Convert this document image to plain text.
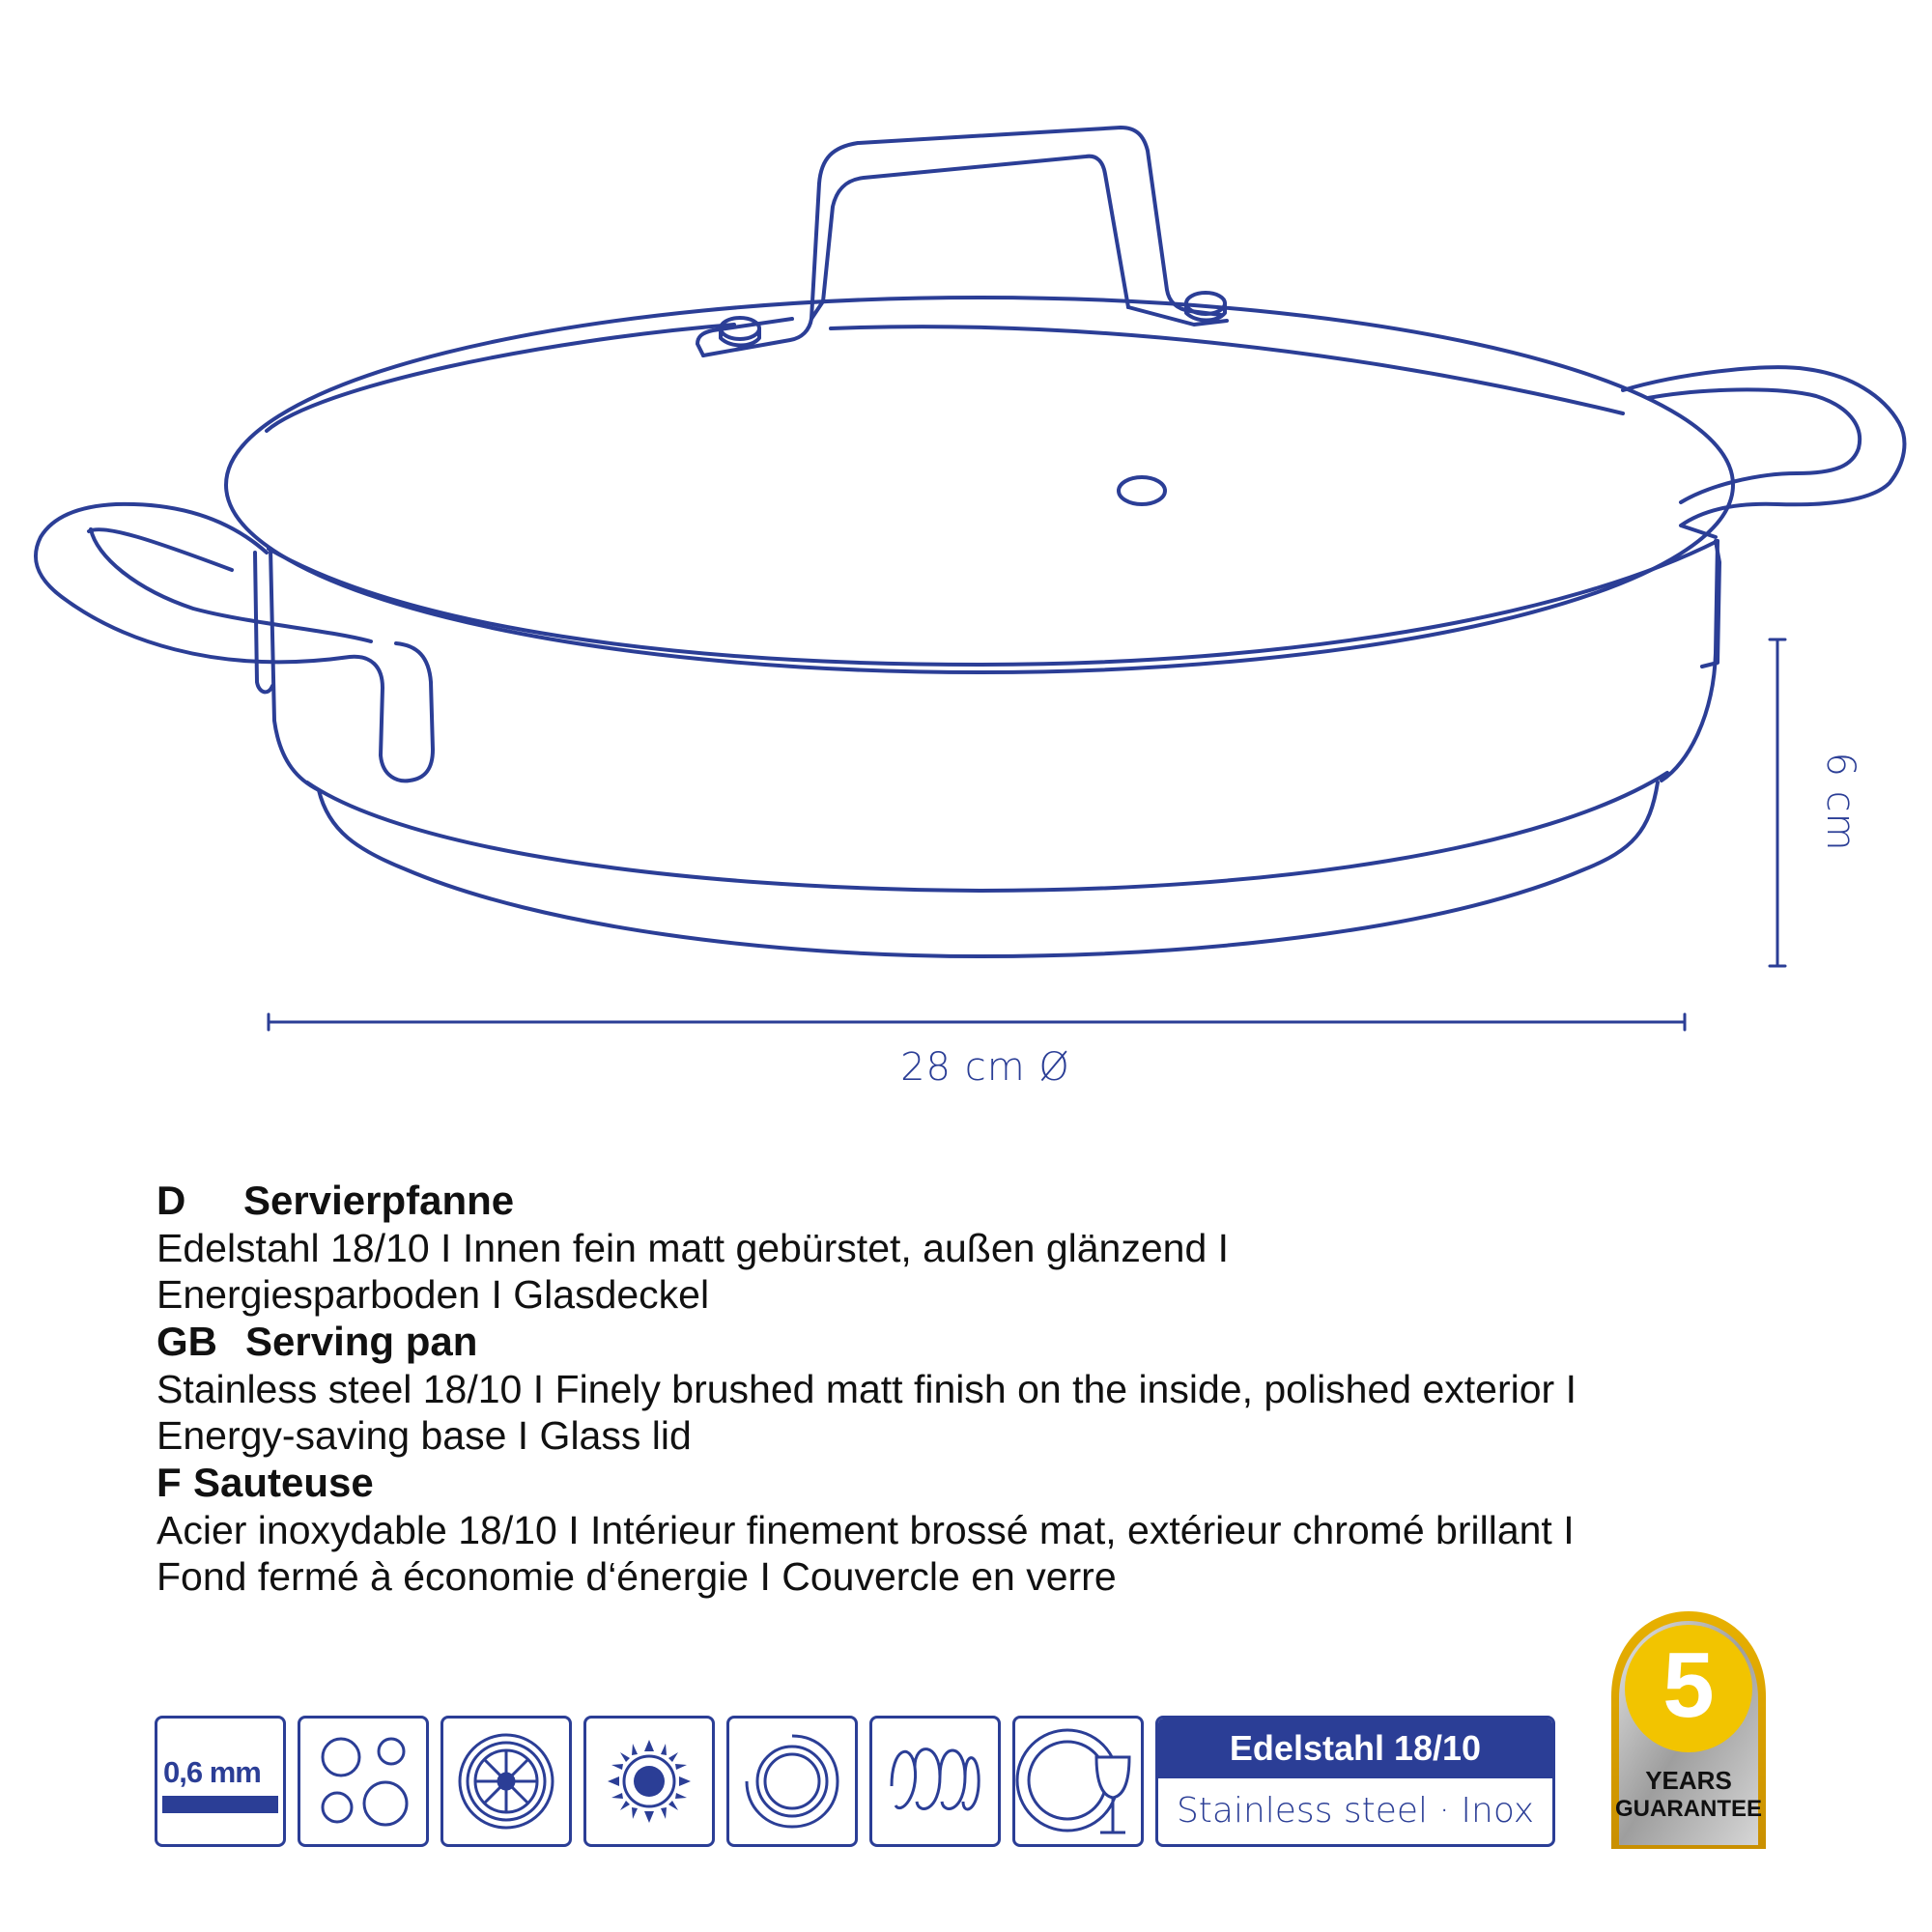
28 cm Ø
6 cm
D Servierpfanne
Edelstahl 18/10 I Innen fein matt gebürstet, außen glänzend I
Energiesparboden I Glasdeckel
GB Serving pan
Stainless steel 18/10 I Finely brushed matt finish on the inside, polished exterior I
Energy-saving base I Glass lid
F Sauteuse
Acier inoxydable 18/10 I Intérieur finement brossé mat, extérieur chromé brillant I
Fond fermé à économie d‘énergie I Couvercle en verre
0,6 mm
Edelstahl 18/10
Stainless steel · Inox
5
YEARS
GUARANTEE
